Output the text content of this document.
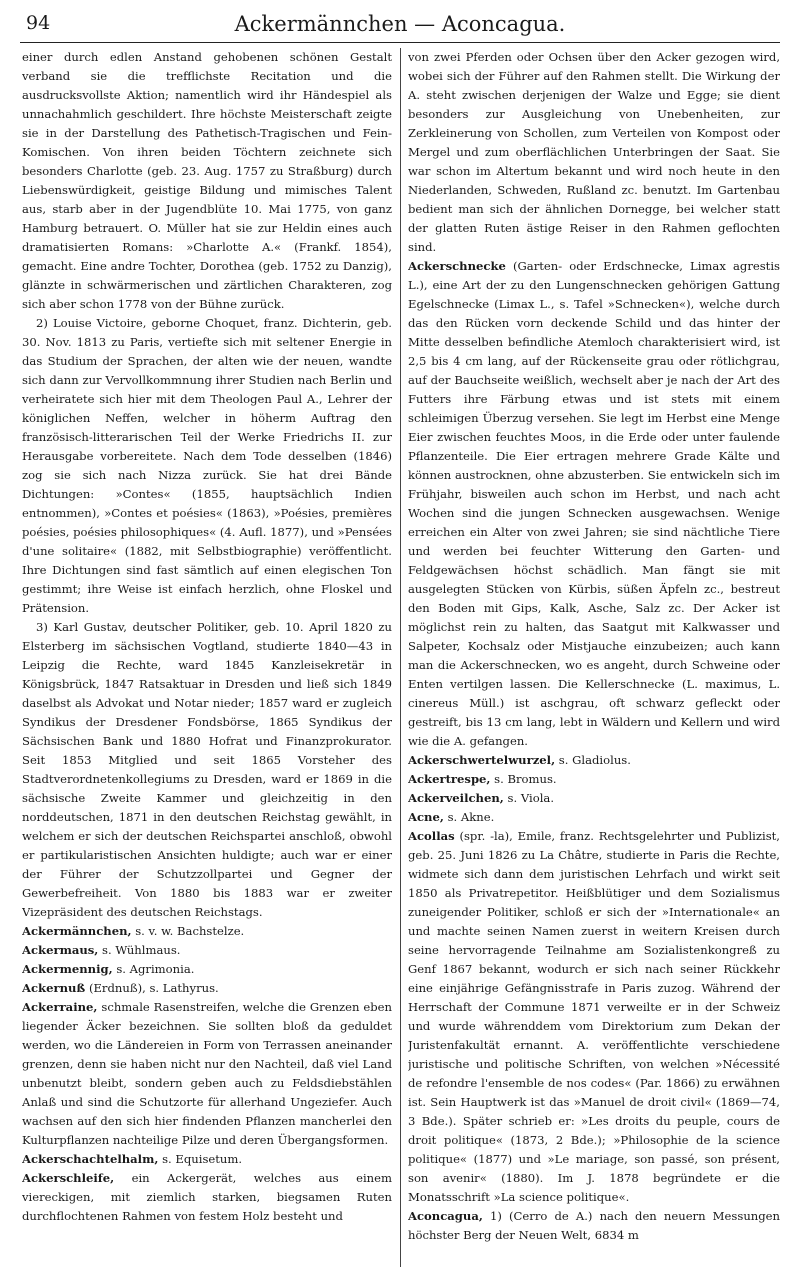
94	Ackermännchen — Aconcagua.

einer durch edlen Anstand gehobenen schönen Gestalt verband sie die trefflichste Recitation und die ausdrucksvollste Aktion; namentlich wird ihr Händespiel als unnachahmlich geschildert. Ihre höchste Meisterschaft zeigte sie in der Darstellung des Pathetisch-Tragischen und Fein-Komischen. Von ihren beiden Töchtern zeichnete sich besonders Charlotte (geb. 23. Aug. 1757 zu Straßburg) durch Liebenswürdigkeit, geistige Bildung und mimisches Talent aus, starb aber in der Jugendblüte 10. Mai 1775, von ganz Hamburg betrauert. O. Müller hat sie zur Heldin eines auch dramatisierten Romans: »Charlotte A.« (Frankf. 1854), gemacht. Eine andre Tochter, Dorothea (geb. 1752 zu Danzig), glänzte in schwärmerischen und zärtlichen Charakteren, zog sich aber schon 1778 von der Bühne zurück.

2) Louise Victoire, geborne Choquet, franz. Dichterin, geb. 30. Nov. 1813 zu Paris, vertiefte sich mit seltener Energie in das Studium der Sprachen, der alten wie der neuen, wandte sich dann zur Vervollkommnung ihrer Studien nach Berlin und verheiratete sich hier mit dem Theologen Paul A., Lehrer der königlichen Neffen, welcher in höherm Auftrag den französisch-litterarischen Teil der Werke Friedrichs II. zur Herausgabe vorbereitete. Nach dem Tode desselben (1846) zog sie sich nach Nizza zurück. Sie hat drei Bände Dichtungen: »Contes« (1855, hauptsächlich Indien entnommen), »Contes et poésies« (1863), »Poésies, premières poésies, poésies philosophiques« (4. Aufl. 1877), und »Pensées d'une solitaire« (1882, mit Selbstbiographie) veröffentlicht. Ihre Dichtungen sind fast sämtlich auf einen elegischen Ton gestimmt; ihre Weise ist einfach herzlich, ohne Floskel und Prätension.

3) Karl Gustav, deutscher Politiker, geb. 10. April 1820 zu Elsterberg im sächsischen Vogtland, studierte 1840—43 in Leipzig die Rechte, ward 1845 Kanzleisekretär in Königsbrück, 1847 Ratsaktuar in Dresden und ließ sich 1849 daselbst als Advokat und Notar nieder; 1857 ward er zugleich Syndikus der Dresdener Fondsbörse, 1865 Syndikus der Sächsischen Bank und 1880 Hofrat und Finanzprokurator. Seit 1853 Mitglied und seit 1865 Vorsteher des Stadtverordnetenkollegiums zu Dresden, ward er 1869 in die sächsische Zweite Kammer und gleichzeitig in den norddeutschen, 1871 in den deutschen Reichstag gewählt, in welchem er sich der deutschen Reichspartei anschloß, obwohl er partikularistischen Ansichten huldigte; auch war er einer der Führer der Schutzzollpartei und Gegner der Gewerbefreiheit. Von 1880 bis 1883 war er zweiter Vizepräsident des deutschen Reichstags.

Ackermännchen, s. v. w. Bachstelze.

Ackermaus, s. Wühlmaus.

Ackermennig, s. Agrimonia.

Ackernuß (Erdnuß), s. Lathyrus.

Ackerraine, schmale Rasenstreifen, welche die Grenzen eben liegender Äcker bezeichnen. Sie sollten bloß da geduldet werden, wo die Ländereien in Form von Terrassen aneinander grenzen, denn sie haben nicht nur den Nachteil, daß viel Land unbenutzt bleibt, sondern geben auch zu Feldsdiebstählen Anlaß und sind die Schutzorte für allerhand Ungeziefer. Auch wachsen auf den sich hier findenden Pflanzen mancherlei den Kulturpflanzen nachteilige Pilze und deren Übergangsformen.

Ackerschachtelhalm, s. Equisetum.

Ackerschleife, ein Ackergerät, welches aus einem viereckigen, mit ziemlich starken, biegsamen Ruten durchflochtenen Rahmen von festem Holz besteht und

von zwei Pferden oder Ochsen über den Acker gezogen wird, wobei sich der Führer auf den Rahmen stellt. Die Wirkung der A. steht zwischen derjenigen der Walze und Egge; sie dient besonders zur Ausgleichung von Unebenheiten, zur Zerkleinerung von Schollen, zum Verteilen von Kompost oder Mergel und zum oberflächlichen Unterbringen der Saat. Sie war schon im Altertum bekannt und wird noch heute in den Niederlanden, Schweden, Rußland zc. benutzt. Im Gartenbau bedient man sich der ähnlichen Dornegge, bei welcher statt der glatten Ruten ästige Reiser in den Rahmen geflochten sind.

Ackerschnecke (Garten- oder Erdschnecke, Limax agrestis L.), eine Art der zu den Lungenschnecken gehörigen Gattung Egelschnecke (Limax L., s. Tafel »Schnecken«), welche durch das den Rücken vorn deckende Schild und das hinter der Mitte desselben befindliche Atemloch charakterisiert wird, ist 2,5 bis 4 cm lang, auf der Rückenseite grau oder rötlichgrau, auf der Bauchseite weißlich, wechselt aber je nach der Art des Futters ihre Färbung etwas und ist stets mit einem schleimigen Überzug versehen. Sie legt im Herbst eine Menge Eier zwischen feuchtes Moos, in die Erde oder unter faulende Pflanzenteile. Die Eier ertragen mehrere Grade Kälte und können austrocknen, ohne abzusterben. Sie entwickeln sich im Frühjahr, bisweilen auch schon im Herbst, und nach acht Wochen sind die jungen Schnecken ausgewachsen. Wenige erreichen ein Alter von zwei Jahren; sie sind nächtliche Tiere und werden bei feuchter Witterung den Garten- und Feldgewächsen höchst schädlich. Man fängt sie mit ausgelegten Stücken von Kürbis, süßen Äpfeln zc., bestreut den Boden mit Gips, Kalk, Asche, Salz zc. Der Acker ist möglichst rein zu halten, das Saatgut mit Kalkwasser und Salpeter, Kochsalz oder Mistjauche einzubeizen; auch kann man die Ackerschnecken, wo es angeht, durch Schweine oder Enten vertilgen lassen. Die Kellerschnecke (L. maximus, L. cinereus Müll.) ist aschgrau, oft schwarz gefleckt oder gestreift, bis 13 cm lang, lebt in Wäldern und Kellern und wird wie die A. gefangen.

Ackerschwertelwurzel, s. Gladiolus.

Ackertrespe, s. Bromus.

Ackerveilchen, s. Viola.

Acne, s. Akne.

Acollas (spr. -la), Emile, franz. Rechtsgelehrter und Publizist, geb. 25. Juni 1826 zu La Châtre, studierte in Paris die Rechte, widmete sich dann dem juristischen Lehrfach und wirkt seit 1850 als Privatrepetitor. Heißblütiger und dem Sozialismus zuneigender Politiker, schloß er sich der »Internationale« an und machte seinen Namen zuerst in weitern Kreisen durch seine hervorragende Teilnahme am Sozialistenkongreß zu Genf 1867 bekannt, wodurch er sich nach seiner Rückkehr eine einjährige Gefängnisstrafe in Paris zuzog. Während der Herrschaft der Commune 1871 verweilte er in der Schweiz und wurde währenddem vom Direktorium zum Dekan der Juristenfakultät ernannt. A. veröffentlichte verschiedene juristische und politische Schriften, von welchen »Nécessité de refondre l'ensemble de nos codes« (Par. 1866) zu erwähnen ist. Sein Hauptwerk ist das »Manuel de droit civil« (1869—74, 3 Bde.). Später schrieb er: »Les droits du peuple, cours de droit politique« (1873, 2 Bde.); »Philosophie de la science politique« (1877) und »Le mariage, son passé, son présent, son avenir« (1880). Im J. 1878 begründete er die Monatsschrift »La science politique«.

Aconcagua, 1) (Cerro de A.) nach den neuern Messungen höchster Berg der Neuen Welt, 6834 m
